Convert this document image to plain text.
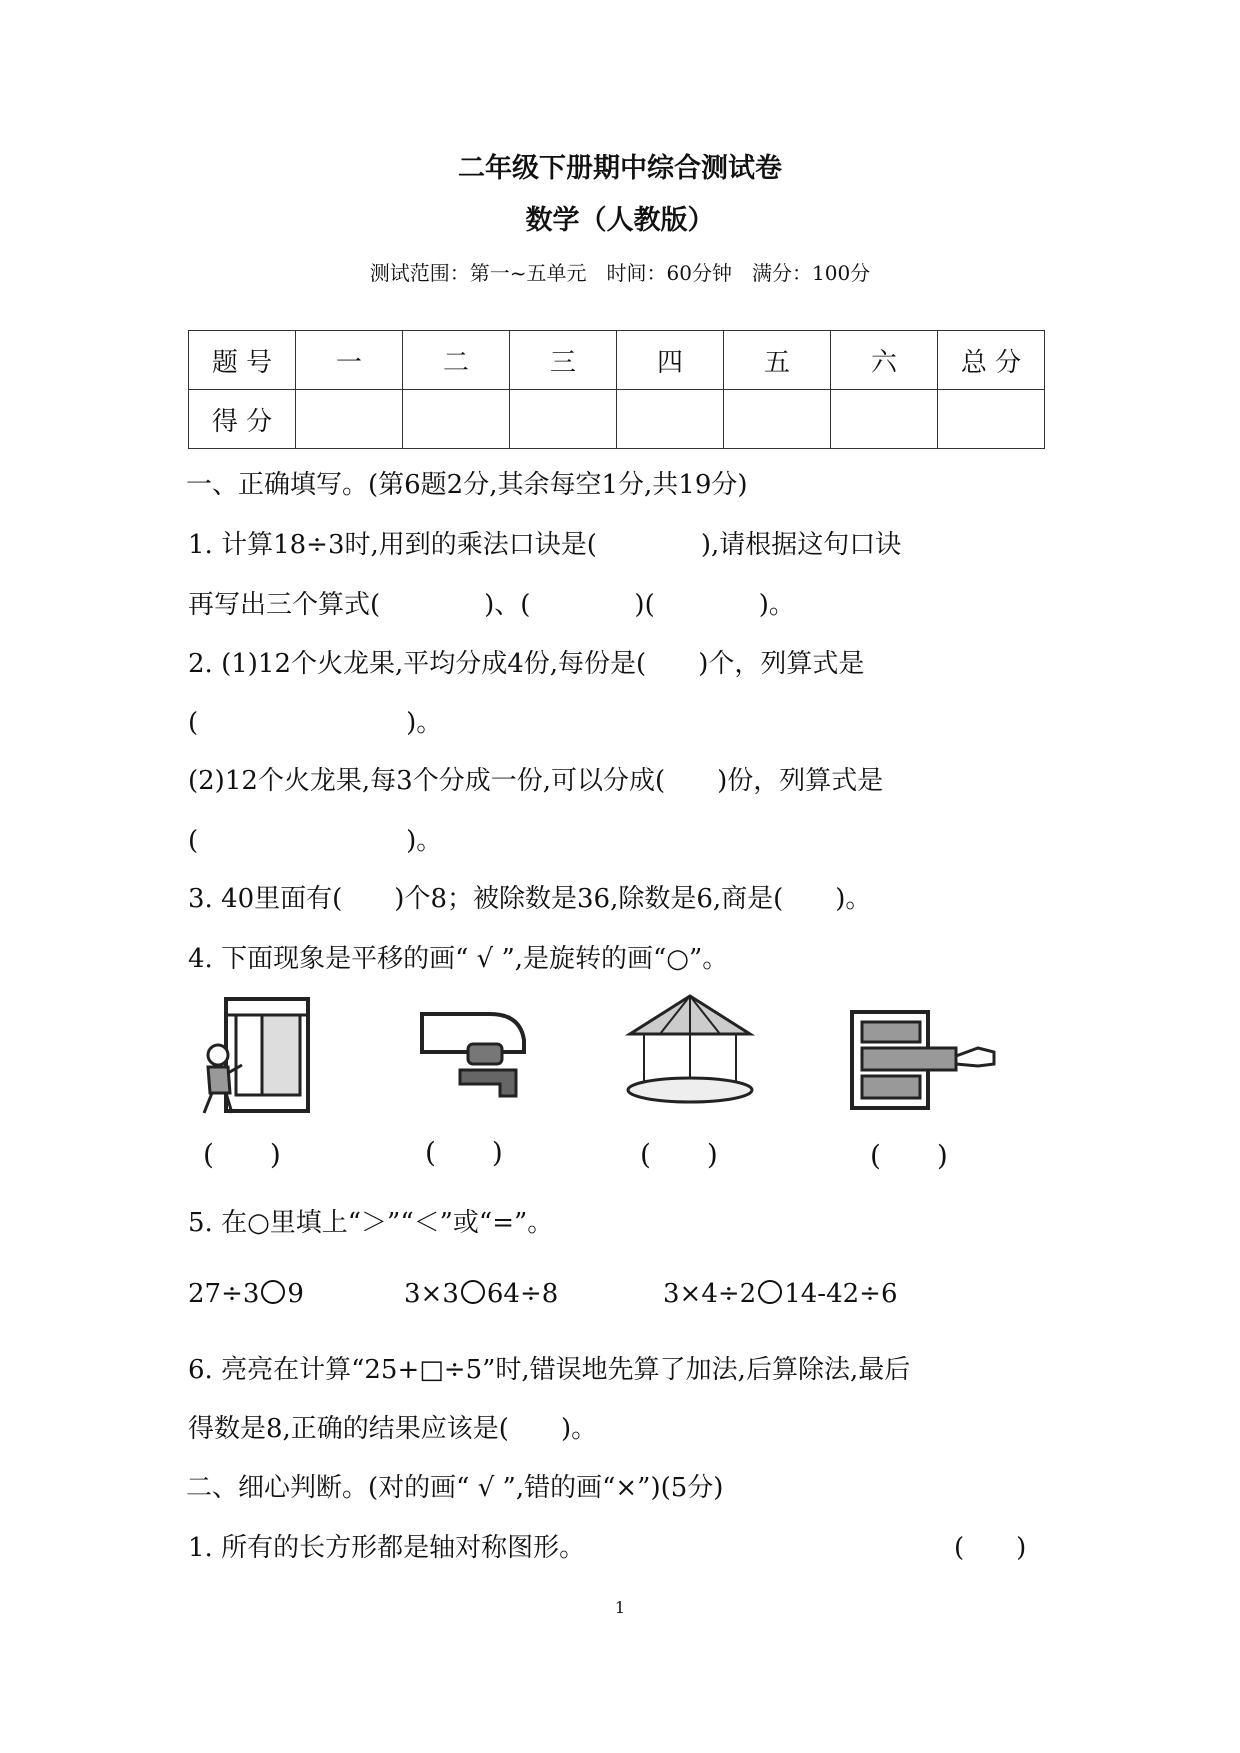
二年级下册期中综合测试卷
数学（人教版）
测试范围：第一~五单元　时间：60分钟　满分：100分
题 号	一	二	三	四	五	六	总 分
得 分							
一、正确填写。(第6题2分,其余每空1分,共19分)
1. 计算18÷3时,用到的乘法口诀是(　　　　),请根据这句口诀
再写出三个算式(　　　　)、(　　　　)(　　　　)。
2. (1)12个火龙果,平均分成4份,每份是(　　)个，列算式是
(　　　　　　　　)。
(2)12个火龙果,每3个分成一份,可以分成(　　)份，列算式是
(　　　　　　　　)。
3. 40里面有(　　)个8；被除数是36,除数是6,商是(　　)。
4. 下面现象是平移的画“ √ ”,是旋转的画“○”。
(　　)	(　　)	(　　)	(　　)
5. 在○里填上“＞”“＜”或“=”。
27÷3 9	3×3 64÷8	3×4÷2 14-42÷6
6. 亮亮在计算“25+□÷5”时,错误地先算了加法,后算除法,最后
得数是8,正确的结果应该是(　　)。
二、细心判断。(对的画“ √ ”,错的画“×”)(5分)
1. 所有的长方形都是轴对称图形。	(　　)
1
